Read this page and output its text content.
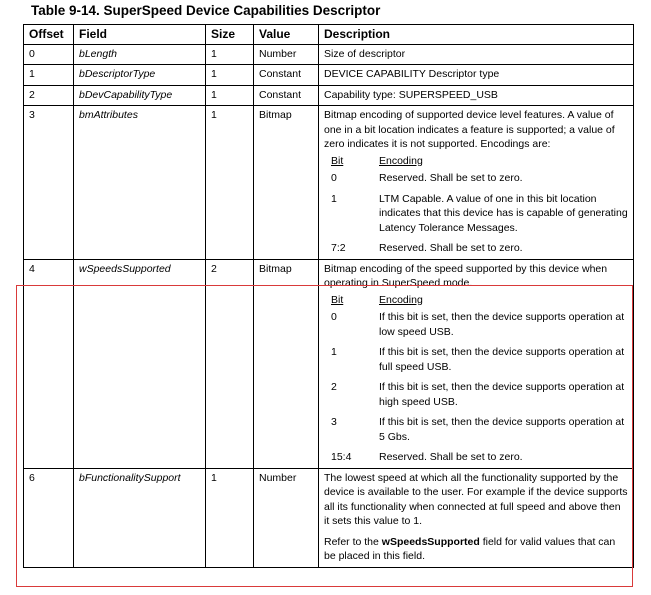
Table 9-14. SuperSpeed Device Capabilities Descriptor
Offset	Field	Size	Value	Description
0	bLength	1	Number	Size of descriptor
1	bDescriptorType	1	Constant	DEVICE CAPABILITY Descriptor type
2	bDevCapabilityType	1	Constant	Capability type: SUPERSPEED_USB
3	bmAttributes	1	Bitmap	Bitmap encoding of supported device level features. A value of one in a bit location indicates a feature is supported; a value of zero indicates it is not supported. Encodings are:

Bit	Encoding
0	Reserved. Shall be set to zero.
1	LTM Capable. A value of one in this bit location indicates that this device has is capable of generating Latency Tolerance Messages.
7:2	Reserved. Shall be set to zero.

4	wSpeedsSupported	2	Bitmap	Bitmap encoding of the speed supported by this device when operating in SuperSpeed mode.

Bit	Encoding
0	If this bit is set, then the device supports operation at low speed USB.
1	If this bit is set, then the device supports operation at full speed USB.
2	If this bit is set, then the device supports operation at high speed USB.
3	If this bit is set, then the device supports operation at 5 Gbs.
15:4	Reserved. Shall be set to zero.

6	bFunctionalitySupport	1	Number	The lowest speed at which all the functionality supported by the device is available to the user. For example if the device supports all its functionality when connected at full speed and above then it sets this value to 1.

Refer to the wSpeedsSupported field for valid values that can be placed in this field.
